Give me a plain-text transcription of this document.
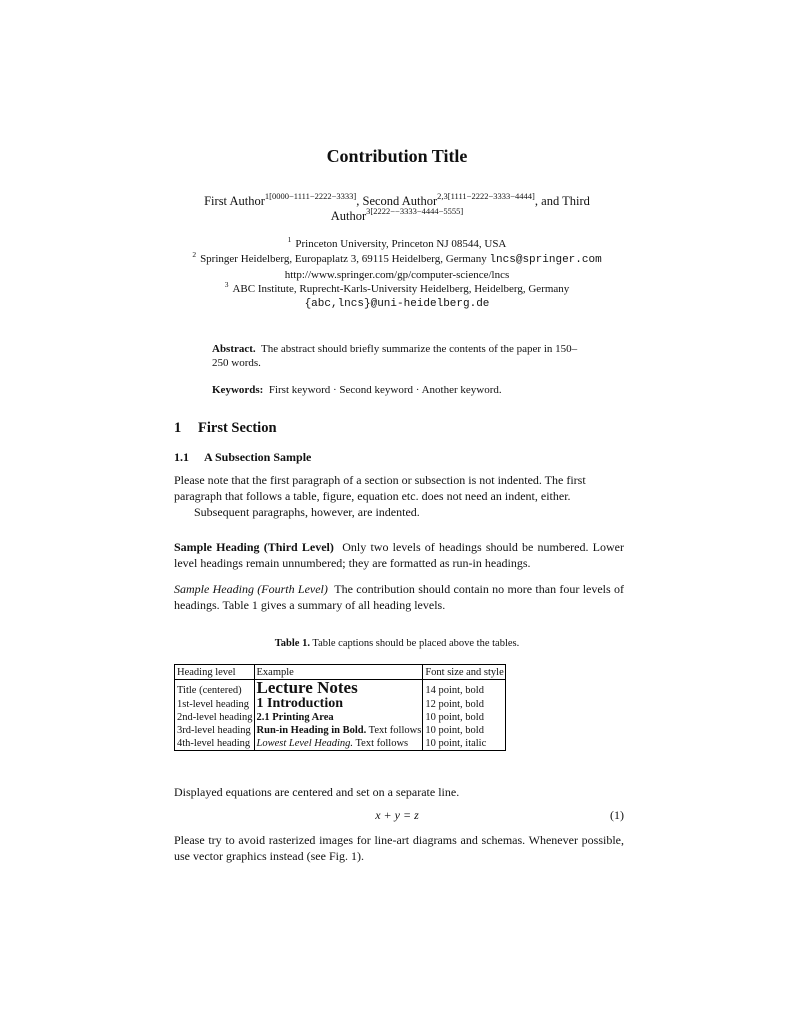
Contribution Title
First Author$^{1[0000-1111-2222-3333]}$, Second Author$^{2,3[1111-2222-3333-4444]}$, and Third Author$^{3[2222--3333-4444-5555]}$
$^1$ Princeton University, Princeton NJ 08544, USA
$^2$ Springer Heidelberg, Europaplatz 3, 69115 Heidelberg, Germany lncs@springer.com
http://www.springer.com/gp/computer-science/lncs
$^3$ ABC Institute, Ruprecht-Karls-University Heidelberg, Heidelberg, Germany
{abc,lncs}@uni-heidelberg.de
Abstract. The abstract should briefly summarize the contents of the paper in 150–250 words.
Keywords: First keyword · Second keyword · Another keyword.
1 First Section
1.1 A Subsection Sample
Please note that the first paragraph of a section or subsection is not indented. The first paragraph that follows a table, figure, equation etc. does not need an indent, either.
Subsequent paragraphs, however, are indented.
Sample Heading (Third Level) Only two levels of headings should be numbered. Lower level headings remain unnumbered; they are formatted as run-in headings.
Sample Heading (Fourth Level) The contribution should contain no more than four levels of headings. Table 1 gives a summary of all heading levels.
Table 1. Table captions should be placed above the tables.
Heading level	Example	Font size and style
Title (centered)	Lecture Notes	14 point, bold
1st-level heading	1 Introduction	12 point, bold
2nd-level heading	2.1 Printing Area	10 point, bold
3rd-level heading	Run-in Heading in Bold. Text follows	10 point, bold
4th-level heading	Lowest Level Heading. Text follows	10 point, italic
Displayed equations are centered and set on a separate line.
x + y = z	(1)
Please try to avoid rasterized images for line-art diagrams and schemas. Whenever possible, use vector graphics instead (see Fig. 1).
